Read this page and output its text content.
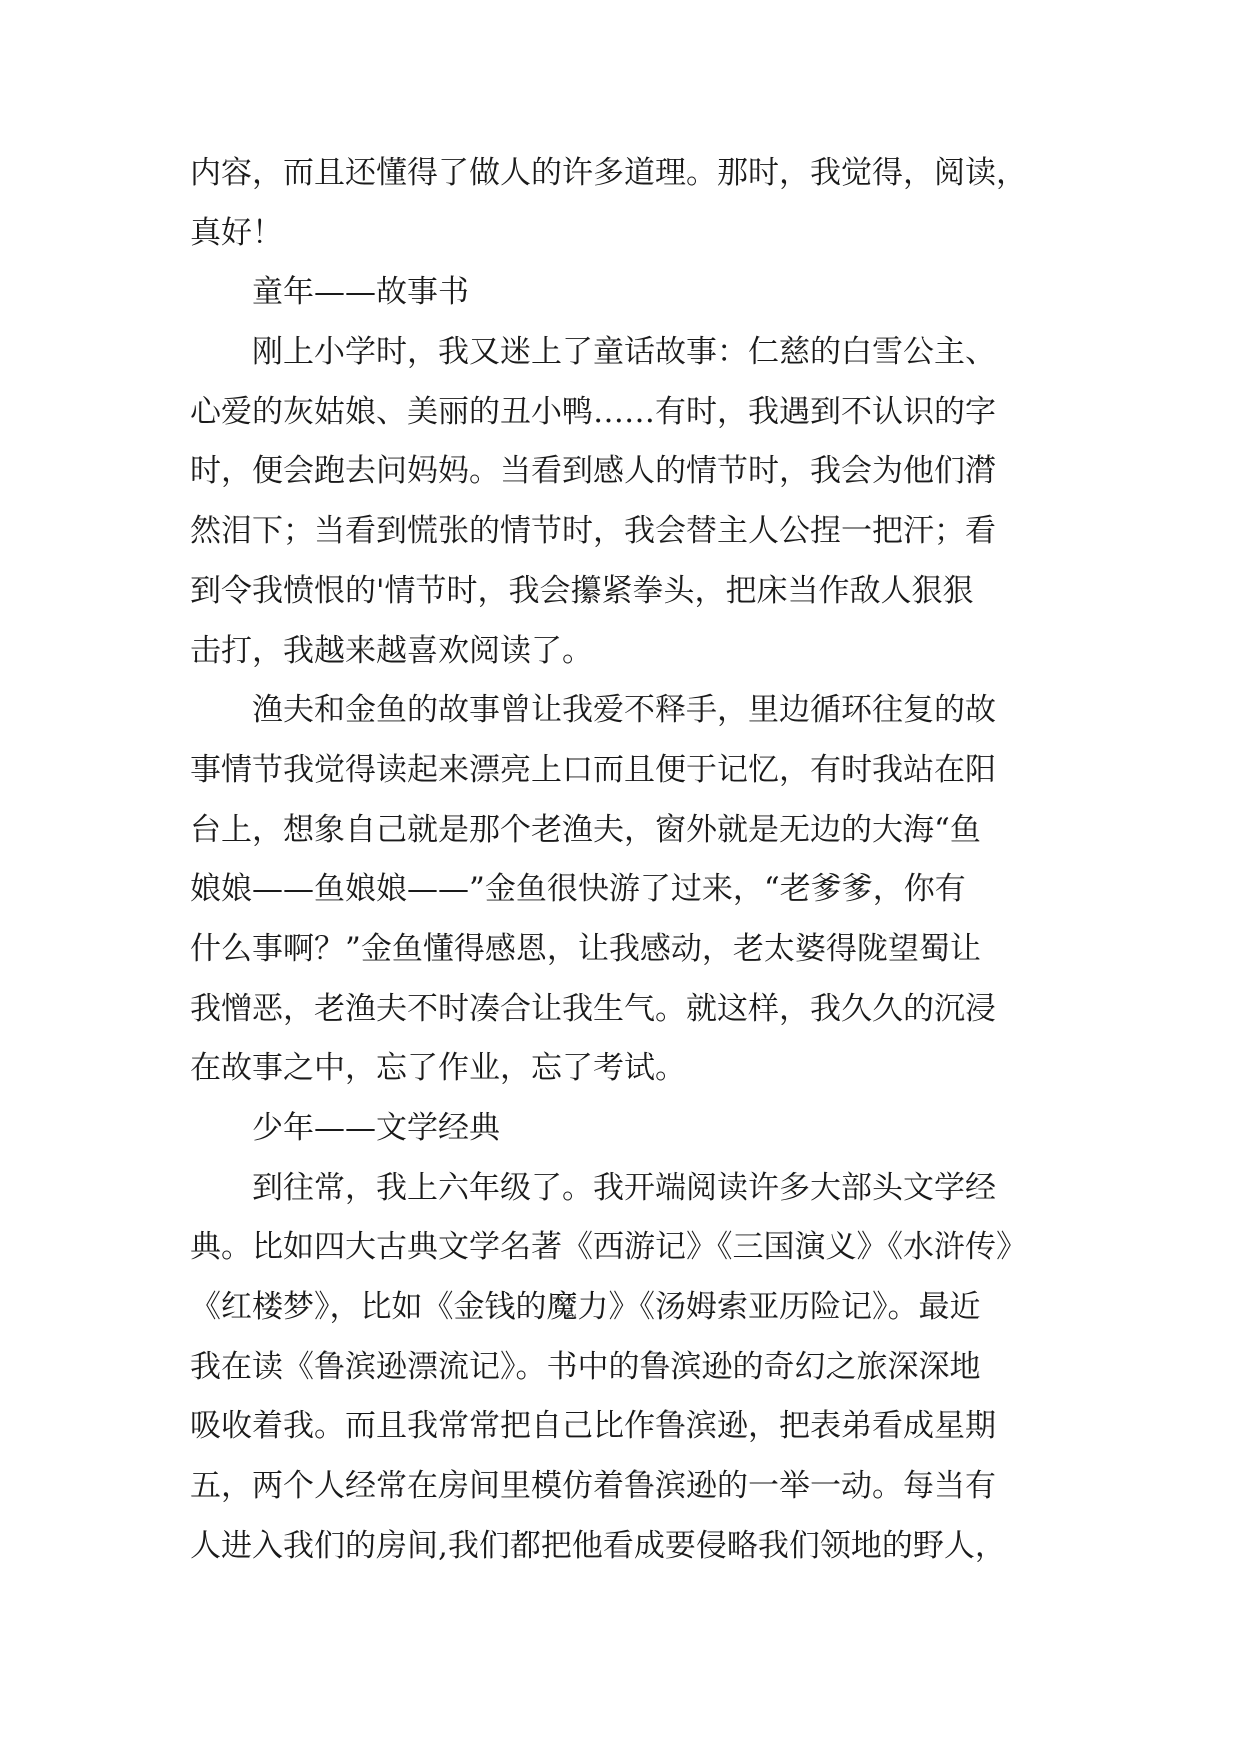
内容，而且还懂得了做人的许多道理。那时，我觉得，阅读，
真好！
　　童年——故事书
　　刚上小学时，我又迷上了童话故事：仁慈的白雪公主、
心爱的灰姑娘、美丽的丑小鸭……有时，我遇到不认识的字
时，便会跑去问妈妈。当看到感人的情节时，我会为他们潸
然泪下；当看到慌张的情节时，我会替主人公捏一把汗；看
到令我愤恨的'情节时，我会攥紧拳头，把床当作敌人狠狠
击打，我越来越喜欢阅读了。
　　渔夫和金鱼的故事曾让我爱不释手，里边循环往复的故
事情节我觉得读起来漂亮上口而且便于记忆，有时我站在阳
台上，想象自己就是那个老渔夫，窗外就是无边的大海“鱼
娘娘——鱼娘娘——”金鱼很快游了过来，“老爹爹，你有
什么事啊？”金鱼懂得感恩，让我感动，老太婆得陇望蜀让
我憎恶，老渔夫不时凑合让我生气。就这样，我久久的沉浸
在故事之中，忘了作业，忘了考试。
　　少年——文学经典
　　到往常，我上六年级了。我开端阅读许多大部头文学经
典。比如四大古典文学名著《西游记》《三国演义》《水浒传》
《红楼梦》，比如《金钱的魔力》《汤姆索亚历险记》。最近
我在读《鲁滨逊漂流记》。书中的鲁滨逊的奇幻之旅深深地
吸收着我。而且我常常把自己比作鲁滨逊，把表弟看成星期
五，两个人经常在房间里模仿着鲁滨逊的一举一动。每当有
人进入我们的房间,我们都把他看成要侵略我们领地的野人，
